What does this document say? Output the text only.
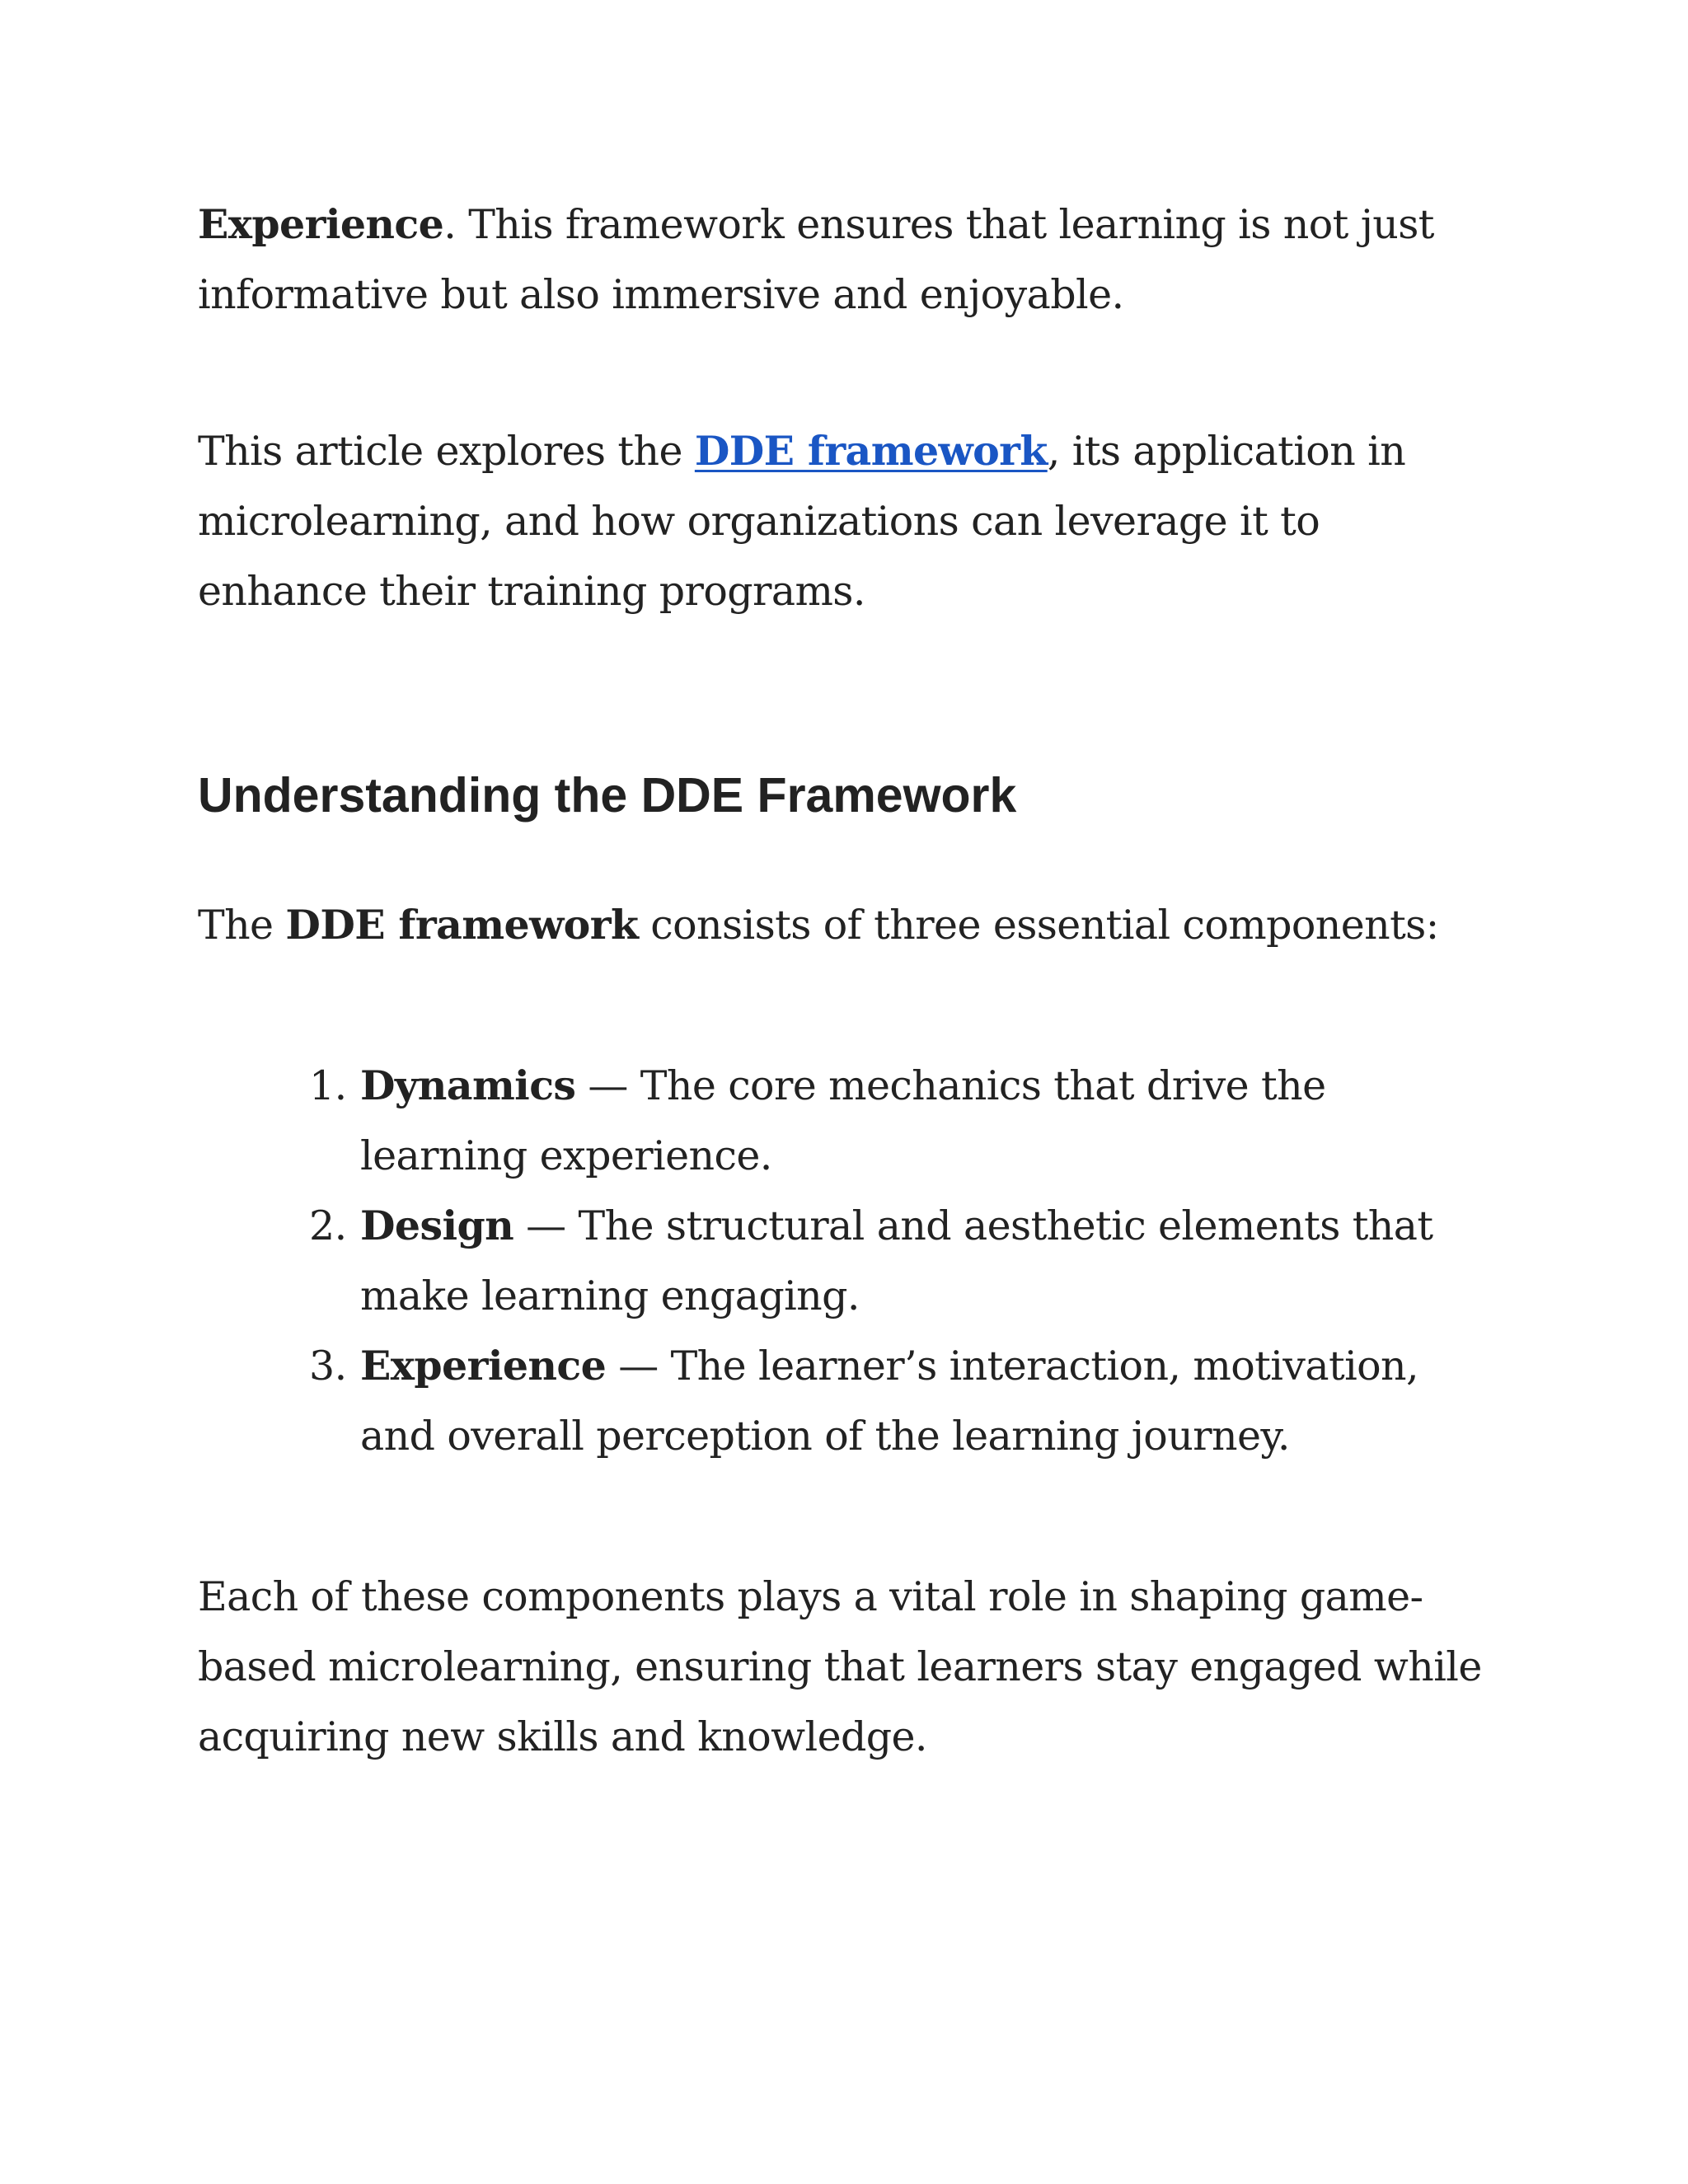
Experience. This framework ensures that learning is not just informative but also immersive and enjoyable.

This article explores the DDE framework, its application in microlearning, and how organizations can leverage it to enhance their training programs.

Understanding the DDE Framework

The DDE framework consists of three essential components:

1. Dynamics — The core mechanics that drive the learning experience.
2. Design — The structural and aesthetic elements that make learning engaging.
3. Experience — The learner’s interaction, motivation, and overall perception of the learning journey.

Each of these components plays a vital role in shaping game-based microlearning, ensuring that learners stay engaged while acquiring new skills and knowledge.
